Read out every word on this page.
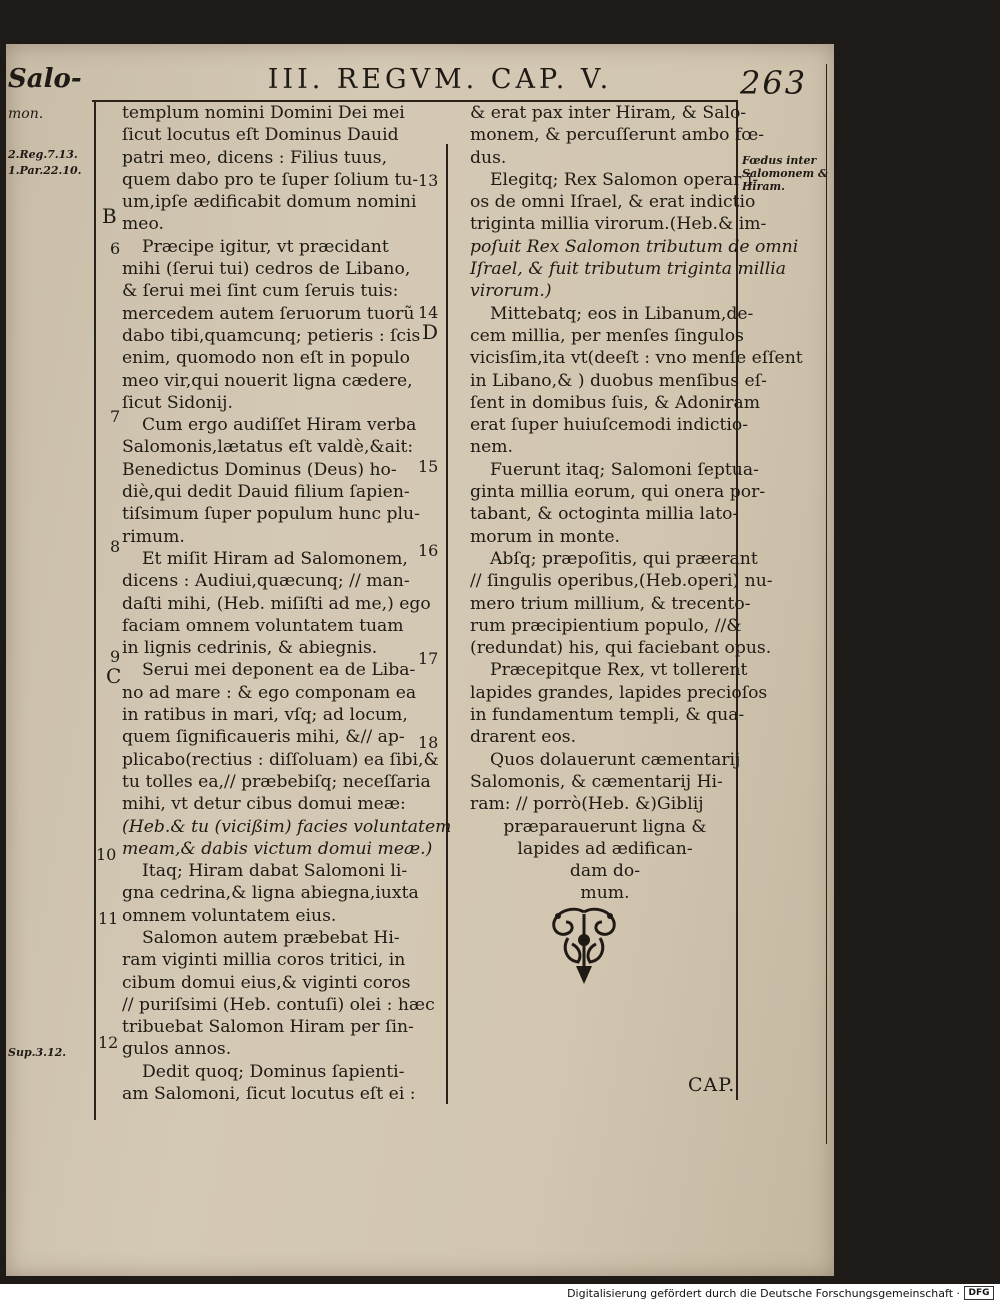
Salo-
mon.
III. REGVM. CAP. V.	263
2.Reg.7.13.
1.Par.22.10.
Sup.3.12.
B
C
Fœdus inter Salomonem & Hiram.
6
7
8
9
10
11
12
13
14
D
15
16
17
18
templum nomini Domini Dei mei
ſicut locutus eſt Dominus Dauid
patri meo, dicens : Filius tuus,
quem dabo pro te ſuper ſolium tu-
um,ipſe ædificabit domum nomini
meo.
Præcipe igitur, vt præcidant
mihi (ſerui tui) cedros de Libano,
& ſerui mei ſint cum ſeruis tuis:
mercedem autem ſeruorum tuorũ
dabo tibi,quamcunq; petieris : ſcis
enim, quomodo non eſt in populo
meo vir,qui nouerit ligna cædere,
ſicut Sidonij.
Cum ergo audiſſet Hiram verba
Salomonis,lætatus eſt valdè,&ait:
Benedictus Dominus (Deus) ho-
diè,qui dedit Dauid filium ſapien-
tiſsimum ſuper populum hunc plu-
rimum.
Et miſit Hiram ad Salomonem,
dicens : Audiui,quæcunq; // man-
daſti mihi, (Heb. miſiſti ad me,) ego
faciam omnem voluntatem tuam
in lignis cedrinis, & abiegnis.
Serui mei deponent ea de Liba-
no ad mare : & ego componam ea
in ratibus in mari, vſq; ad locum,
quem ſignificaueris mihi, &// ap-
plicabo(rectius : diſſoluam) ea ſibi,&
tu tolles ea,// præbebiſq; neceſſaria
mihi, vt detur cibus domui meæ:
(Heb.& tu (vicißim) facies voluntatem
meam,& dabis victum domui meæ.)
Itaq; Hiram dabat Salomoni li-
gna cedrina,& ligna abiegna,iuxta
omnem voluntatem eius.
Salomon autem præbebat Hi-
ram viginti millia coros tritici, in
cibum domui eius,& viginti coros
// puriſsimi (Heb. contuſi) olei : hæc
tribuebat Salomon Hiram per ſin-
gulos annos.
Dedit quoq; Dominus ſapienti-
am Salomoni, ſicut locutus eſt ei :
& erat pax inter Hiram, & Salo-
monem, & percuſſerunt ambo fœ-
dus.
Elegitq; Rex Salomon operar i-
os de omni Iſrael, & erat indictio
triginta millia virorum.(Heb.& im-
poſuit Rex Salomon tributum de omni
Iſrael, & fuit tributum triginta millia
virorum.)
Mittebatq; eos in Libanum,de-
cem millia, per menſes ſingulos
vicisſim,ita vt(deeſt : vno menſe eſſent
in Libano,& ) duobus menſibus eſ-
ſent in domibus ſuis, & Adoniram
erat ſuper huiuſcemodi indictio-
nem.
Fuerunt itaq; Salomoni ſeptua-
ginta millia eorum, qui onera por-
tabant, & octoginta millia lato-
morum in monte.
Abſq; præpoſitis, qui præerant
// ſingulis operibus,(Heb.operi) nu-
mero trium millium, & trecento-
rum præcipientium populo, //&
(redundat) his, qui faciebant opus.
Præcepitque Rex, vt tollerent
lapides grandes, lapides precioſos
in fundamentum templi, & qua-
drarent eos.
Quos dolauerunt cæmentarij
Salomonis, & cæmentarij Hi-
ram: // porrò(Heb. &)Giblij
præparauerunt ligna &
lapides ad ædifican-
dam do-
mum.
CAP.
Digitalisierung gefördert durch die Deutsche Forschungsgemeinschaft · DFG
